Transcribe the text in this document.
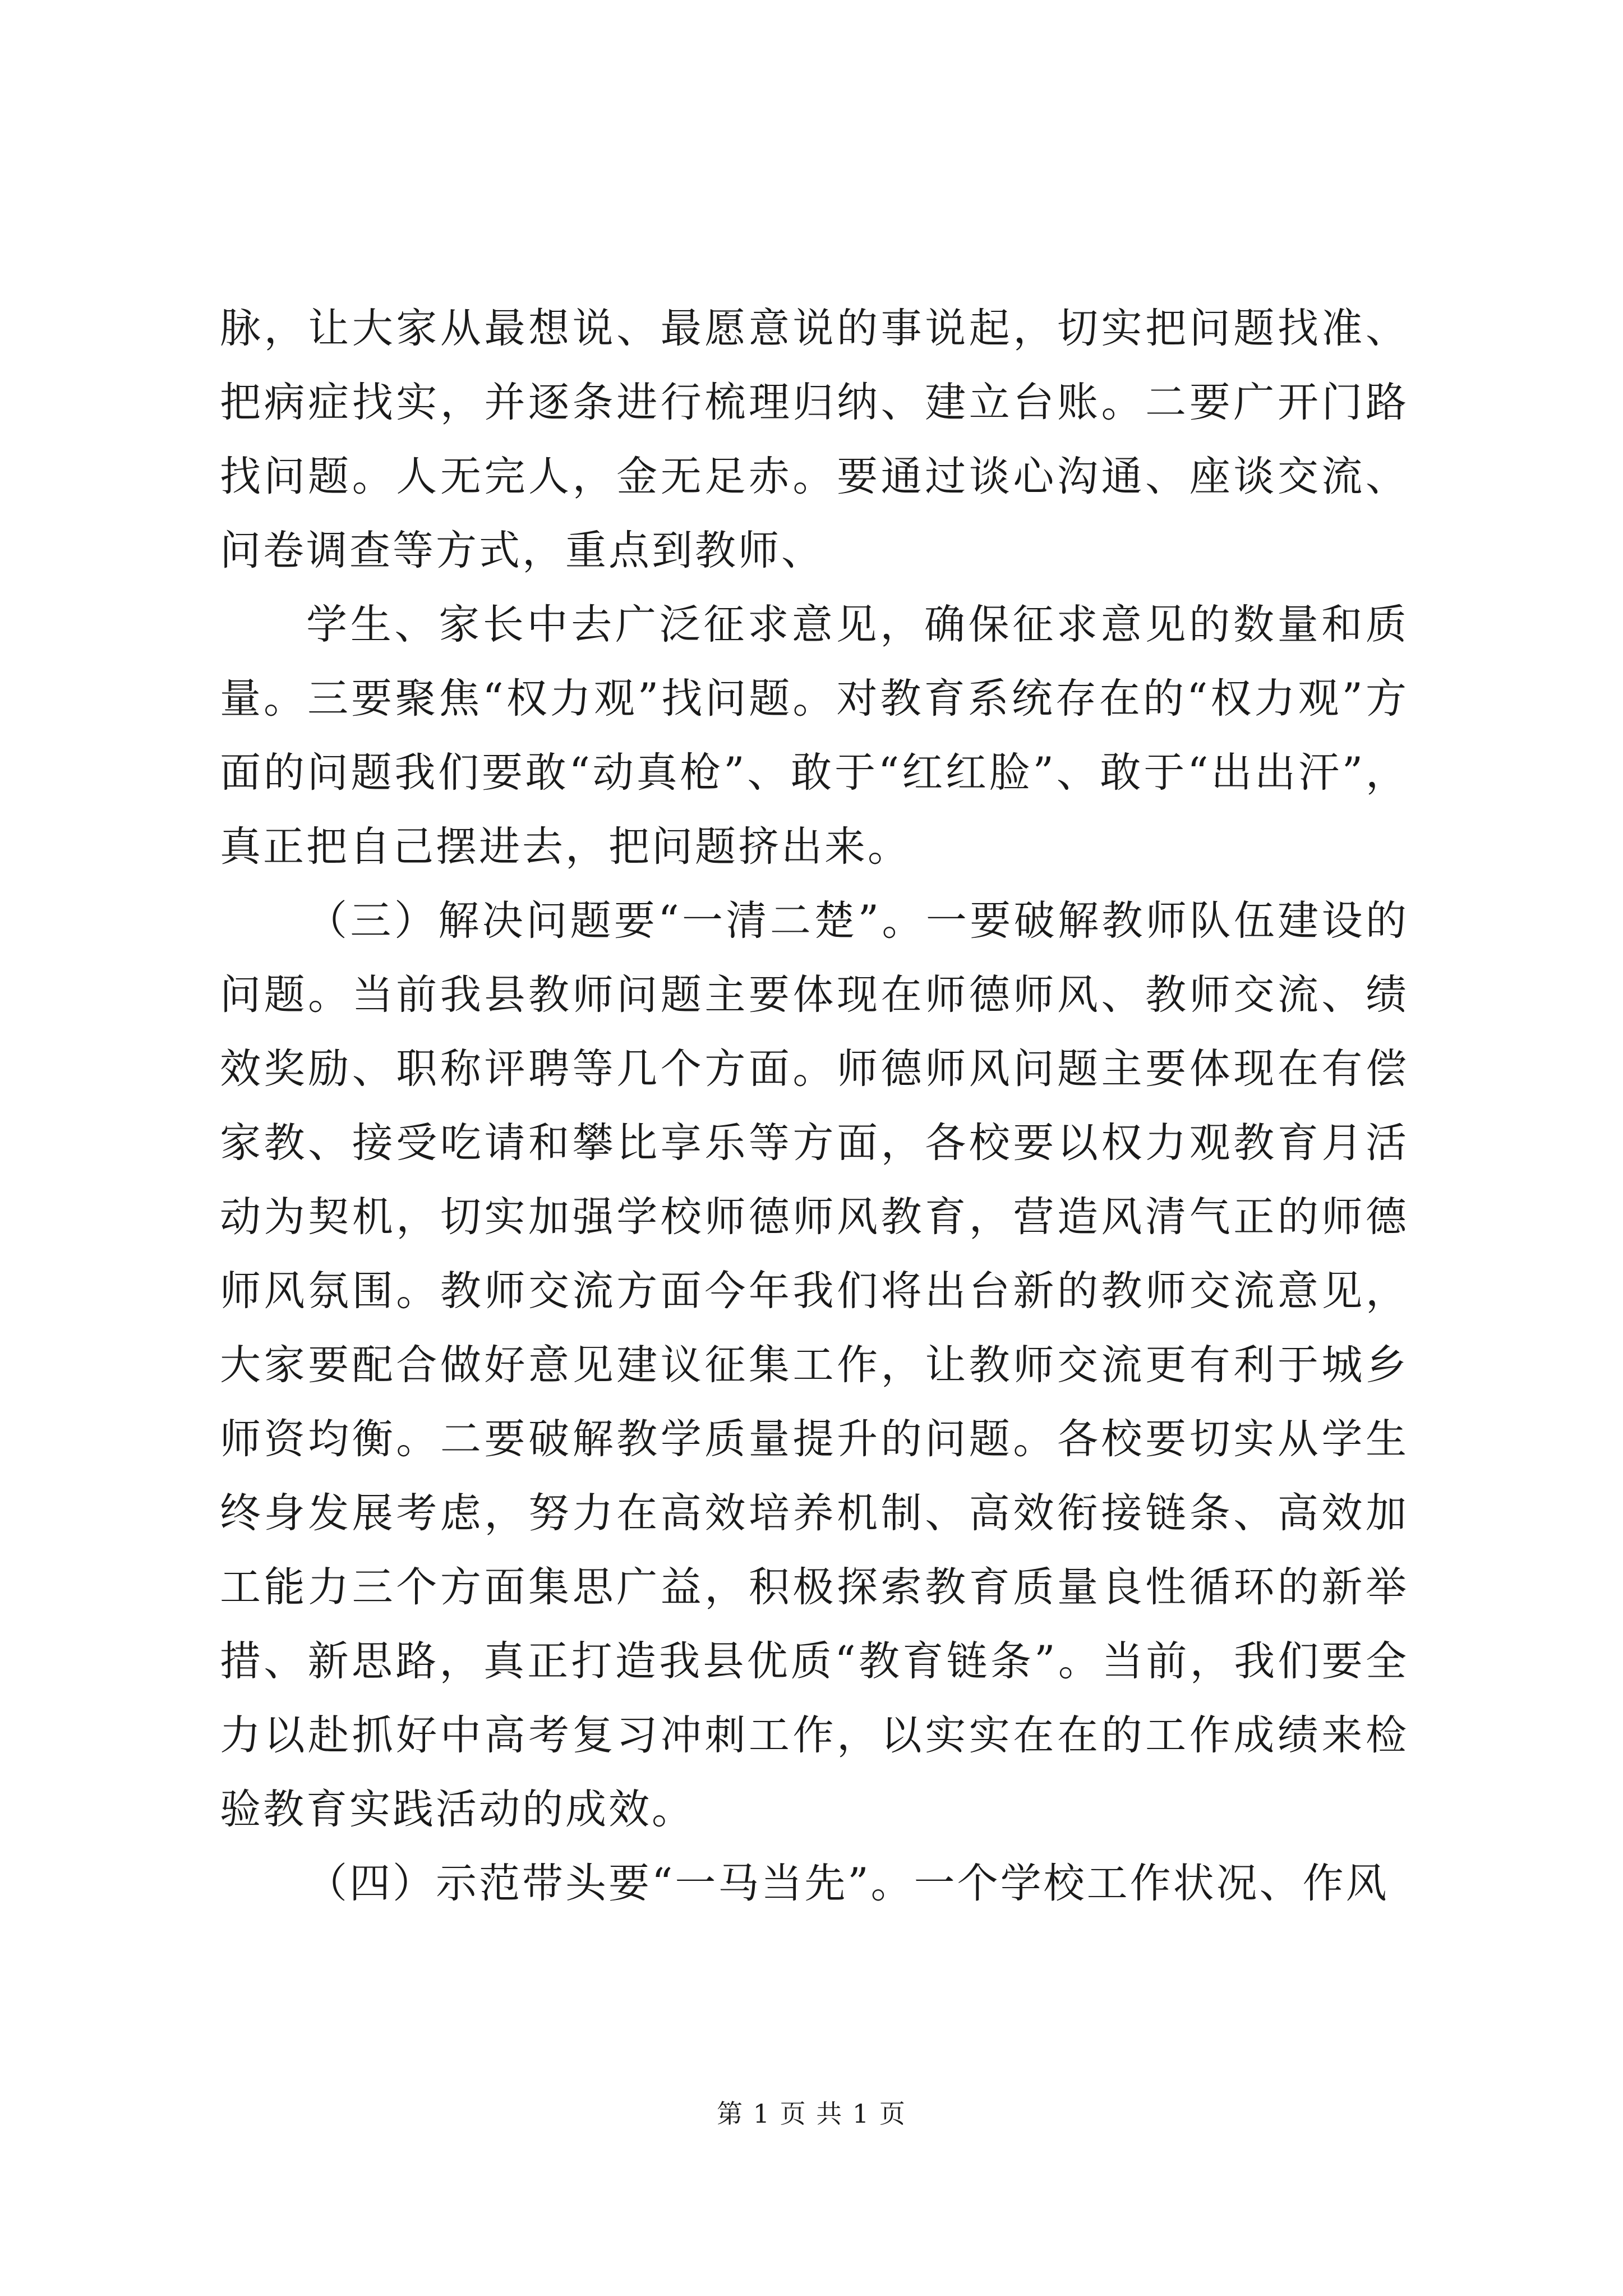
脉，让大家从最想说、最愿意说的事说起，切实把问题找准、把病症找实，并逐条进行梳理归纳、建立台账。二要广开门路找问题。人无完人，金无足赤。要通过谈心沟通、座谈交流、问卷调查等方式，重点到教师、

学生、家长中去广泛征求意见，确保征求意见的数量和质量。三要聚焦“权力观”找问题。对教育系统存在的“权力观”方面的问题我们要敢“动真枪”、敢于“红红脸”、敢于“出出汗”，真正把自己摆进去，把问题挤出来。

（三）解决问题要“一清二楚”。一要破解教师队伍建设的问题。当前我县教师问题主要体现在师德师风、教师交流、绩效奖励、职称评聘等几个方面。师德师风问题主要体现在有偿家教、接受吃请和攀比享乐等方面，各校要以权力观教育月活动为契机，切实加强学校师德师风教育，营造风清气正的师德师风氛围。教师交流方面今年我们将出台新的教师交流意见，大家要配合做好意见建议征集工作，让教师交流更有利于城乡师资均衡。二要破解教学质量提升的问题。各校要切实从学生终身发展考虑，努力在高效培养机制、高效衔接链条、高效加工能力三个方面集思广益，积极探索教育质量良性循环的新举措、新思路，真正打造我县优质“教育链条”。当前，我们要全力以赴抓好中高考复习冲刺工作，以实实在在的工作成绩来检验教育实践活动的成效。

（四）示范带头要“一马当先”。一个学校工作状况、作风

第 1 页 共 1 页
